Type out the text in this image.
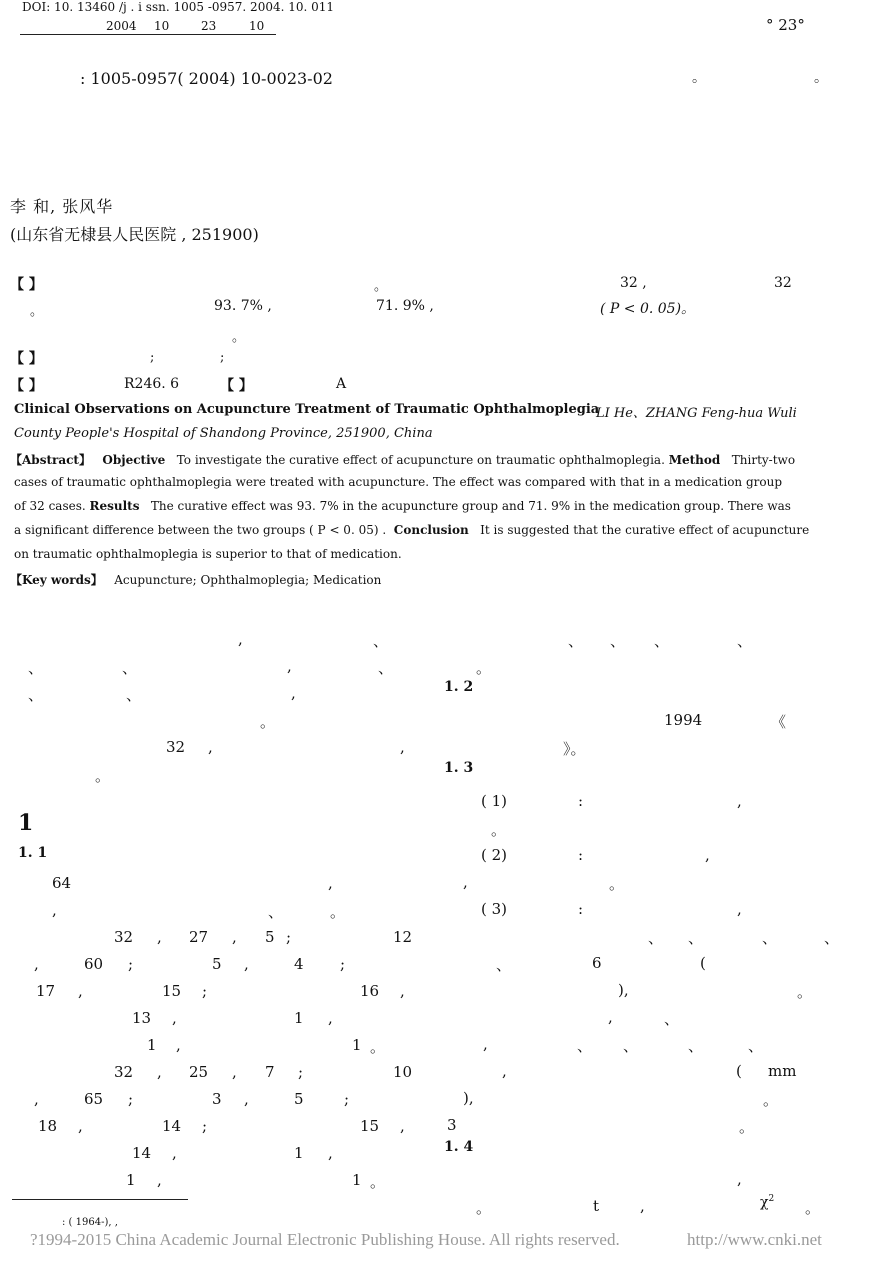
DOI: 10. 13460 /j . i ssn. 1005 -0957. 2004. 10. 011
2004 10	23	10	° 23°
: 1005-0957( 2004) 10-0023-02	。	。
李 和, 张风华
(山东省无棣县人民医院 , 251900)
【 】	。	32 ,	32
。	93. 7% ,	71. 9% ,	( P < 0. 05)。
。
【 】	;	;
【 】	R246. 6	【 】	A
Clinical Observations on Acupuncture Treatment of Traumatic Ophthalmoplegia
LI He、ZHANG Feng-hua Wuli
County People's Hospital of Shandong Province, 251900, China
【Abstract】 Objective To investigate the curative effect of acupuncture on traumatic ophthalmoplegia. Method Thirty-two
cases of traumatic ophthalmoplegia were treated with acupuncture. The effect was compared with that in a medication group
of 32 cases. Results The curative effect was 93. 7% in the acupuncture group and 71. 9% in the medication group. There was
a significant difference between the two groups ( P < 0. 05) . Conclusion It is suggested that the curative effect of acupuncture
on traumatic ophthalmoplegia is superior to that of medication.
【Key words】 Acupuncture; Ophthalmoplegia; Medication
,	、
、	、	,	、
、	、	,
。
32 ,	,
。
64	,
,	、	。
32 , 27 , 5 ;	12
,	60 ;	5 ,	4 ;
17 ,	15 ;	16 ,
13 ,	1 ,
1 ,	1 。
32 , 25 , 7 ;	10
,	65 ;	3 ,	5	;
18 ,	14 ;	15 ,
14 ,	1 ,
1 ,	1 。
、 、 、	、
。
1994	《
》。
( 1)	:	,
。
( 2)	:	,
,	。
( 3)	:	,
、 、	、	、
、	6	(
),	。
,	、
,	、 、	、	、
,	( mm
),	。
3	。
,
。	t	,	。
1
1. 1
1. 2
1. 3
1. 4
$\chi^2$
: ( 1964-), ,
?1994-2015 China Academic Journal Electronic Publishing House. All rights reserved.	http://www.cnki.net
